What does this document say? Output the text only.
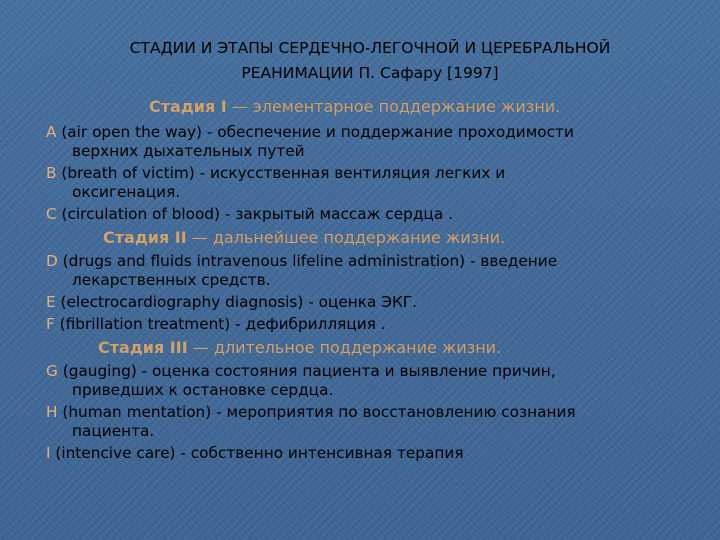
СТАДИИ И ЭТАПЫ СЕРДЕЧНО-ЛЕГОЧНОЙ И ЦЕРЕБРАЛЬНОЙ
РЕАНИМАЦИИ П. Сафару [1997]
Стадия I — элементарное поддержание жизни.
А (air open the way) - обеспечение и поддержание проходимости
верхних дыхательных путей
В (breath of victim) - искусственная вентиляция легких и
оксигенация.
С (circulation of blood) - закрытый массаж сердца .
Стадия II — дальнейшее поддержание жизни.
D (drugs and fluids intravenous lifeline administration) - введение
лекарственных средств.
E (electrocardiography diagnosis) - оценка ЭКГ.
F (fibrillation treatment) - дефибрилляция .
Стадия III — длительное поддержание жизни.
G (gauging) - оценка состояния пациента и выявление причин,
приведших к остановке сердца.
H (human mentation) - мероприятия по восстановлению сознания
пациента.
I (intencive care) - собственно интенсивная терапия
